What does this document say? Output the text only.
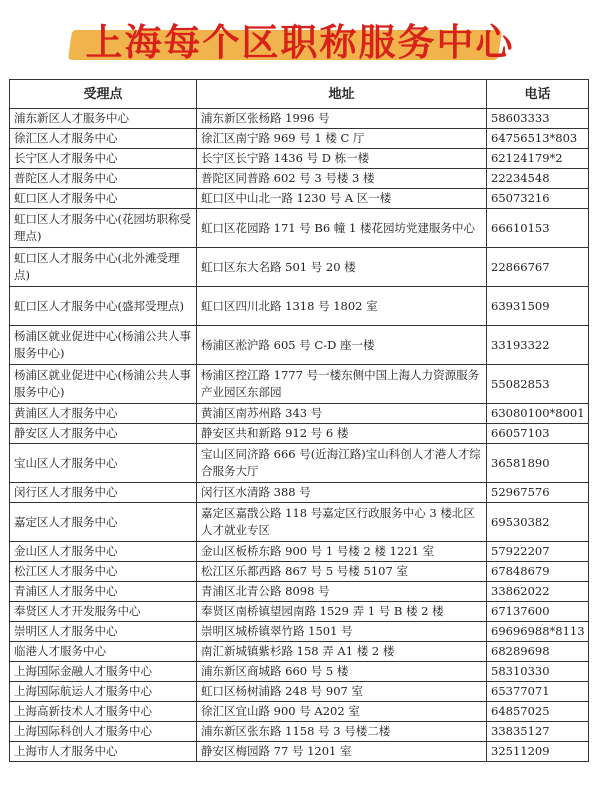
上海每个区职称服务中心
受理点	地址	电话
浦东新区人才服务中心	浦东新区张杨路 1996 号	58603333
徐汇区人才服务中心	徐汇区南宁路 969 号 1 楼 C 厅	64756513*803
长宁区人才服务中心	长宁区长宁路 1436 号 D 栋一楼	62124179*2
普陀区人才服务中心	普陀区同普路 602 号 3 号楼 3 楼	22234548
虹口区人才服务中心	虹口区中山北一路 1230 号 A 区一楼	65073216
虹口区人才服务中心(花园坊职称受理点)	虹口区花园路 171 号 B6 幢 1 楼花园坊党建服务中心	66610153
虹口区人才服务中心(北外滩受理点)	虹口区东大名路 501 号 20 楼	22866767
虹口区人才服务中心(盛邦受理点)	虹口区四川北路 1318 号 1802 室	63931509
杨浦区就业促进中心(杨浦公共人事服务中心)	杨浦区淞沪路 605 号 C-D 座一楼	33193322
杨浦区就业促进中心(杨浦公共人事服务中心)	杨浦区控江路 1777 号一楼东侧中国上海人力资源服务产业园区东部园	55082853
黄浦区人才服务中心	黄浦区南苏州路 343 号	63080100*8001
静安区人才服务中心	静安区共和新路 912 号 6 楼	66057103
宝山区人才服务中心	宝山区同济路 666 号(近海江路)宝山科创人才港人才综合服务大厅	36581890
闵行区人才服务中心	闵行区水清路 388 号	52967576
嘉定区人才服务中心	嘉定区嘉戬公路 118 号嘉定区行政服务中心 3 楼北区人才就业专区	69530382
金山区人才服务中心	金山区板桥东路 900 号 1 号楼 2 楼 1221 室	57922207
松江区人才服务中心	松江区乐都西路 867 号 5 号楼 5107 室	67848679
青浦区人才服务中心	青浦区北青公路 8098 号	33862022
奉贤区人才开发服务中心	奉贤区南桥镇望园南路 1529 弄 1 号 B 楼 2 楼	67137600
崇明区人才服务中心	崇明区城桥镇翠竹路 1501 号	69696988*8113
临港人才服务中心	南汇新城镇紫杉路 158 弄 A1 楼 2 楼	68289698
上海国际金融人才服务中心	浦东新区商城路 660 号 5 楼	58310330
上海国际航运人才服务中心	虹口区杨树浦路 248 号 907 室	65377071
上海高新技术人才服务中心	徐汇区宜山路 900 号 A202 室	64857025
上海国际科创人才服务中心	浦东新区张东路 1158 号 3 号楼二楼	33835127
上海市人才服务中心	静安区梅园路 77 号 1201 室	32511209
